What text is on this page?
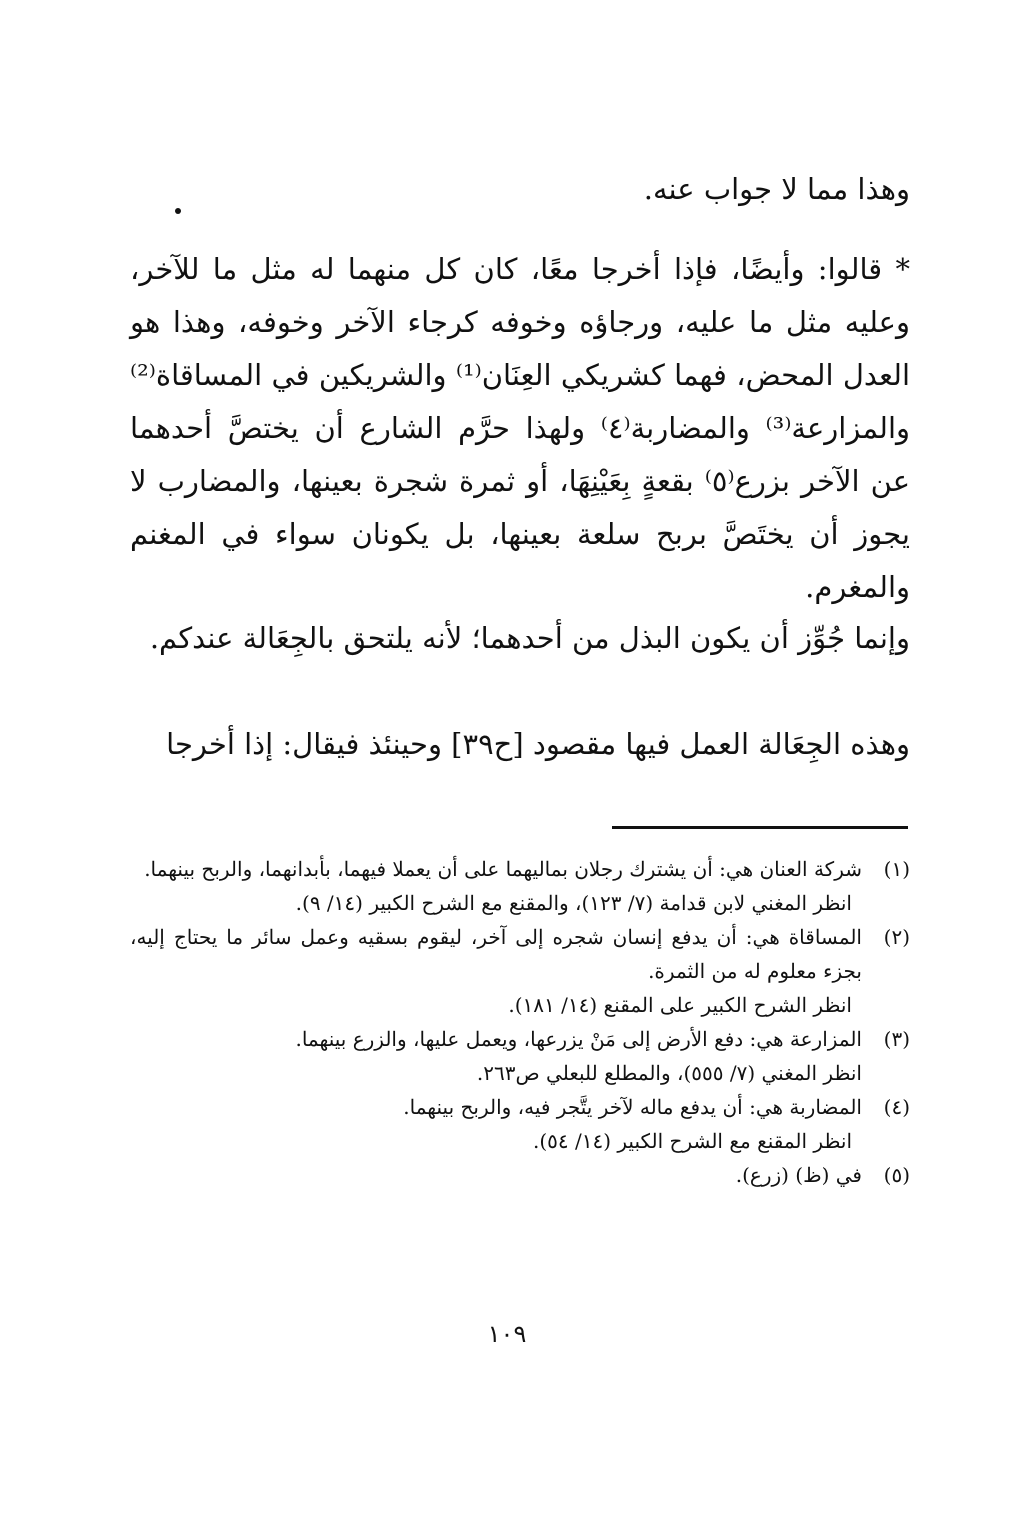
وهذا مما لا جواب عنه.

* قالوا: وأيضًا، فإذا أخرجا معًا، كان كل منهما له مثل ما للآخر، وعليه مثل ما عليه، ورجاؤه وخوفه كرجاء الآخر وخوفه، وهذا هو العدل المحض، فهما كشريكي العِنَان⁽¹⁾ والشريكين في المساقاة⁽²⁾ والمزارعة⁽³⁾ والمضاربة⁽٤⁾ ولهذا حرَّم الشارع أن يختصَّ أحدهما عن الآخر بزرع⁽٥⁾ بقعةٍ بِعَيْنِهَا، أو ثمرة شجرة بعينها، والمضارب لا يجوز أن يختَصَّ بربح سلعة بعينها، بل يكونان سواء في المغنم والمغرم.

وإنما جُوِّز أن يكون البذل من أحدهما؛ لأنه يلتحق بالجِعَالة عندكم.

وهذه الجِعَالة العمل فيها مقصود [ح٣٩] وحينئذ فيقال: إذا أخرجا

(١)
شركة العنان هي: أن يشترك رجلان بماليهما على أن يعملا فيهما، بأبدانهما، والربح بينهما.
انظر المغني لابن قدامة (٧/ ١٢٣)، والمقنع مع الشرح الكبير (١٤/ ٩).
(٢)
المساقاة هي: أن يدفع إنسان شجره إلى آخر، ليقوم بسقيه وعمل سائر ما يحتاج إليه، بجزء معلوم له من الثمرة.
انظر الشرح الكبير على المقنع (١٤/ ١٨١).
(٣)
المزارعة هي: دفع الأرض إلى مَنْ يزرعها، ويعمل عليها، والزرع بينهما.
انظر المغني (٧/ ٥٥٥)، والمطلع للبعلي ص٢٦٣.
(٤)
المضاربة هي: أن يدفع ماله لآخر يتَّجر فيه، والربح بينهما.
انظر المقنع مع الشرح الكبير (١٤/ ٥٤).
(٥)
في (ظ) (زرع).
١٠٩
